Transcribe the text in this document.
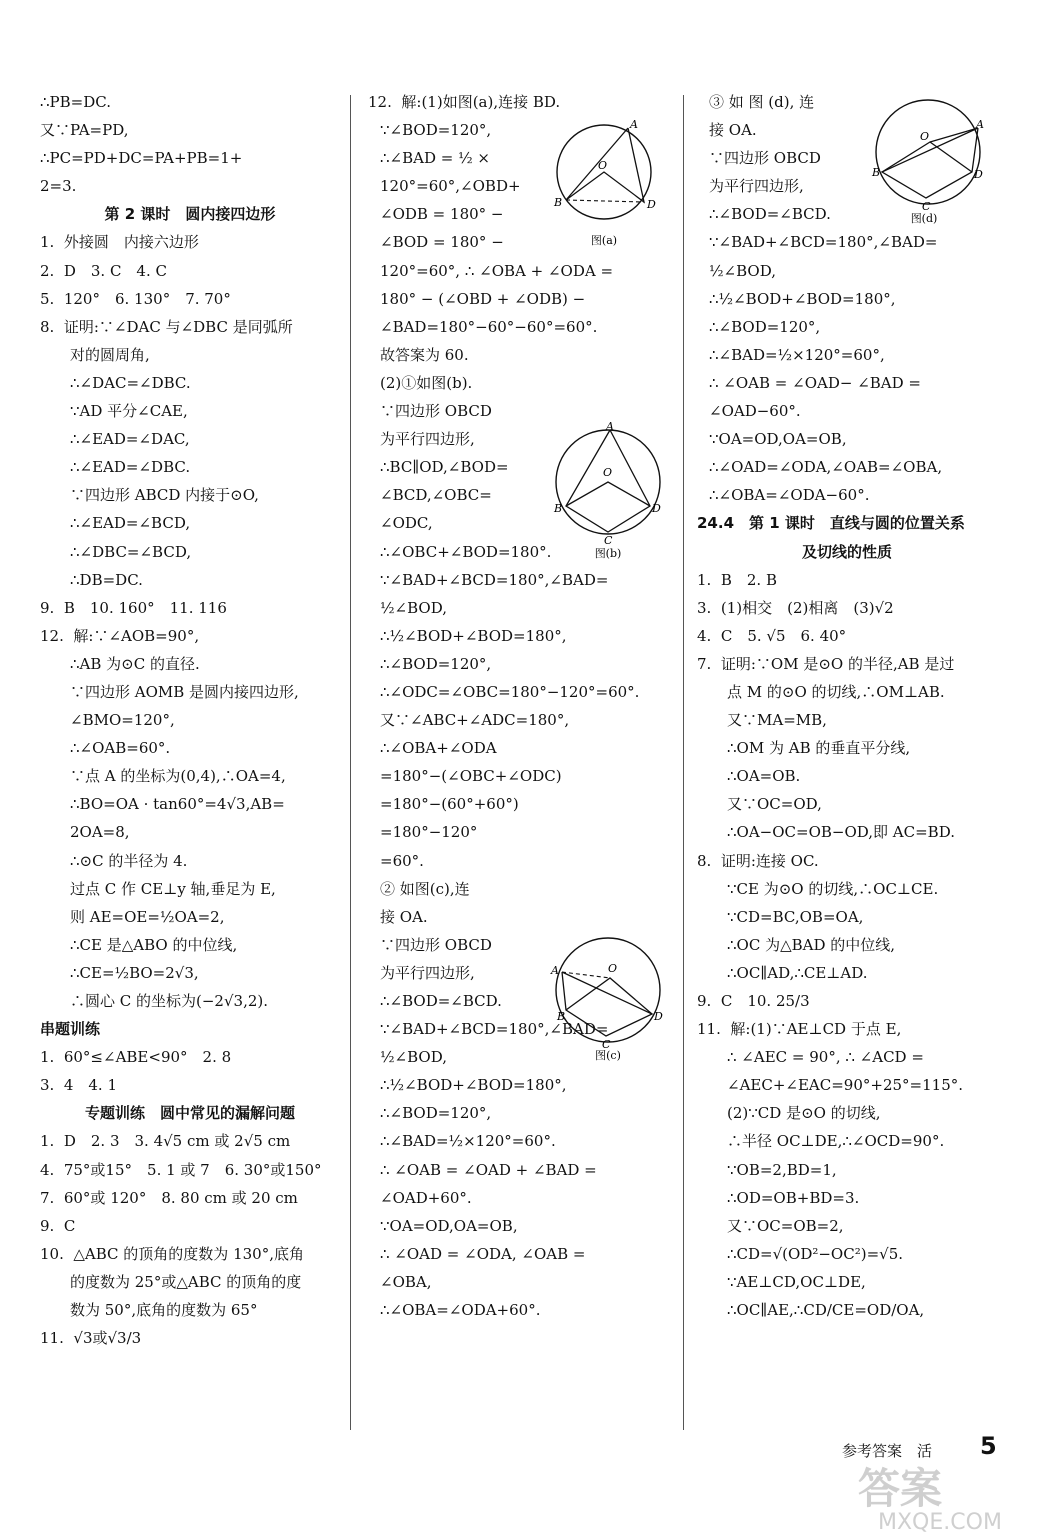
∴PB=DC.
又∵PA=PD,
∴PC=PD+DC=PA+PB=1+
2=3.
第 2 课时　圆内接四边形
1.  外接圆　内接六边形
2.  D　3. C　4. C
5.  120°　6. 130°　7. 70°
8.  证明:∵∠DAC 与∠DBC 是同弧所
对的圆周角,
∴∠DAC=∠DBC.
∵AD 平分∠CAE,
∴∠EAD=∠DAC,
∴∠EAD=∠DBC.
∵四边形 ABCD 内接于⊙O,
∴∠EAD=∠BCD,
∴∠DBC=∠BCD,
∴DB=DC.
9.  B　10. 160°　11. 116
12.  解:∵∠AOB=90°,
∴AB 为⊙C 的直径.
∵四边形 AOMB 是圆内接四边形,
∠BMO=120°,
∴∠OAB=60°.
∵点 A 的坐标为(0,4),∴OA=4,
∴BO=OA · tan60°=4√3,AB=
2OA=8,
∴⊙C 的半径为 4.
过点 C 作 CE⊥y 轴,垂足为 E,
则 AE=OE=½OA=2,
∴CE 是△ABO 的中位线,
∴CE=½BO=2√3,
∴圆心 C 的坐标为(−2√3,2).
串题训练
1.  60°≤∠ABE<90°　2. 8
3.  4　4. 1
专题训练　圆中常见的漏解问题
1.  D　2. 3　3. 4√5 cm 或 2√5 cm
4.  75°或15°　5. 1 或 7　6. 30°或150°
7.  60°或 120°　8. 80 cm 或 20 cm
9.  C
10.  △ABC 的顶角的度数为 130°,底角
的度数为 25°或△ABC 的顶角的度
数为 50°,底角的度数为 65°
11.  √3或√3/3
12.  解:(1)如图(a),连接 BD.
∵∠BOD=120°,
∴∠BAD = ½ ×
120°=60°,∠OBD+
∠ODB = 180° −
∠BOD = 180° −
120°=60°, ∴ ∠OBA + ∠ODA =
180° − (∠OBD + ∠ODB) −
∠BAD=180°−60°−60°=60°.
故答案为 60.
(2)①如图(b).
∵四边形 OBCD
为平行四边形,
∴BC∥OD,∠BOD=
∠BCD,∠OBC=
∠ODC,
∴∠OBC+∠BOD=180°.
∵∠BAD+∠BCD=180°,∠BAD=
½∠BOD,
∴½∠BOD+∠BOD=180°,
∴∠BOD=120°,
∴∠ODC=∠OBC=180°−120°=60°.
又∵∠ABC+∠ADC=180°,
∴∠OBA+∠ODA
=180°−(∠OBC+∠ODC)
=180°−(60°+60°)
=180°−120°
=60°.
② 如图(c),连
接 OA.
∵四边形 OBCD
为平行四边形,
∴∠BOD=∠BCD.
∵∠BAD+∠BCD=180°,∠BAD=
½∠BOD,
∴½∠BOD+∠BOD=180°,
∴∠BOD=120°,
∴∠BAD=½×120°=60°.
∴ ∠OAB = ∠OAD + ∠BAD =
∠OAD+60°.
∵OA=OD,OA=OB,
∴ ∠OAD = ∠ODA, ∠OAB =
∠OBA,
∴∠OBA=∠ODA+60°.
③ 如 图 (d), 连
接 OA.
∵四边形 OBCD
为平行四边形,
∴∠BOD=∠BCD.
∵∠BAD+∠BCD=180°,∠BAD=
½∠BOD,
∴½∠BOD+∠BOD=180°,
∴∠BOD=120°,
∴∠BAD=½×120°=60°,
∴ ∠OAB = ∠OAD− ∠BAD =
∠OAD−60°.
∵OA=OD,OA=OB,
∴∠OAD=∠ODA,∠OAB=∠OBA,
∴∠OBA=∠ODA−60°.
24.4　第 1 课时　直线与圆的位置关系
及切线的性质
1.  B　2. B
3.  (1)相交　(2)相离　(3)√2
4.  C　5. √5　6. 40°
7.  证明:∵OM 是⊙O 的半径,AB 是过
点 M 的⊙O 的切线,∴OM⊥AB.
又∵MA=MB,
∴OM 为 AB 的垂直平分线,
∴OA=OB.
又∵OC=OD,
∴OA−OC=OB−OD,即 AC=BD.
8.  证明:连接 OC.
∵CE 为⊙O 的切线,∴OC⊥CE.
∵CD=BC,OB=OA,
∴OC 为△BAD 的中位线,
∴OC∥AD,∴CE⊥AD.
9.  C　10. 25/3
11.  解:(1)∵AE⊥CD 于点 E,
∴ ∠AEC = 90°, ∴ ∠ACD =
∠AEC+∠EAC=90°+25°=115°.
(2)∵CD 是⊙O 的切线,
∴半径 OC⊥DE,∴∠OCD=90°.
∵OB=2,BD=1,
∴OD=OB+BD=3.
又∵OC=OB=2,
∴CD=√(OD²−OC²)=√5.
∵AE⊥CD,OC⊥DE,
∴OC∥AE,∴CD/CE=OD/OA,
A
O
B	D
图(a)
A
O
B
C
D
图(b)
A	O
B
C
D
图(c)
A
O
B
C
D
图(d)
参考答案　活 5
答案
MXQE.COM
